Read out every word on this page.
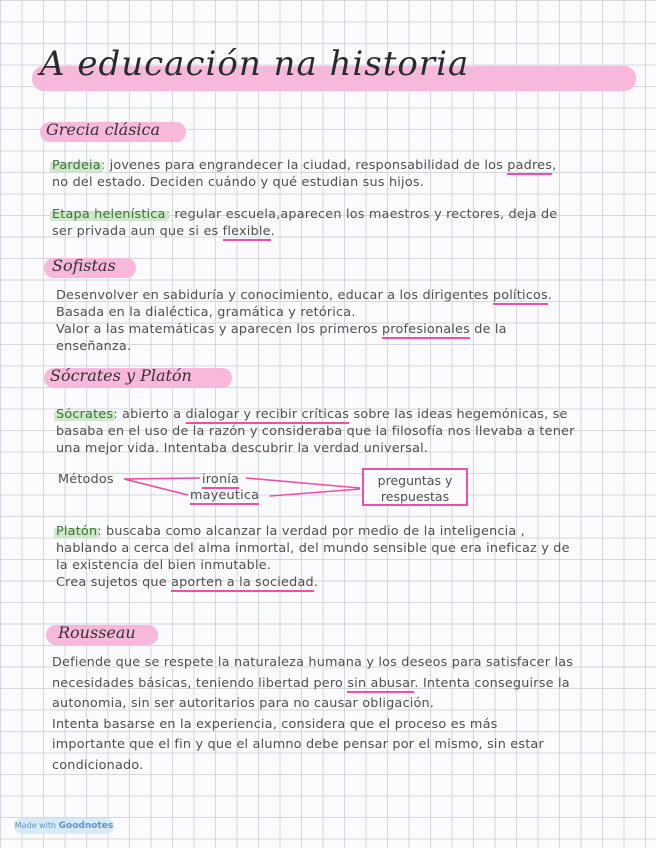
A educación na historia
Grecia clásica
Pardeia: jovenes para engrandecer la ciudad, responsabilidad de los padres,
no del estado. Deciden cuándo y qué estudian sus hijos.
Etapa helenística: regular escuela,aparecen los maestros y rectores, deja de
ser privada aun que si es flexible.
Sofistas
Desenvolver en sabiduría y conocimiento, educar a los dirigentes políticos.
Basada en la dialéctica, gramática y retórica.
Valor a las matemáticas y aparecen los primeros profesionales de la
enseñanza.
Sócrates y Platón
Sócrates: abierto a dialogar y recibir críticas sobre las ideas hegemónicas, se
basaba en el uso de la razón y consideraba que la filosofía nos llevaba a tener
una mejor vida. Intentaba descubrir la verdad universal.
Métodos	ironía
mayeutica
preguntas y respuestas
Platón: buscaba como alcanzar la verdad por medio de la inteligencia ,
hablando a cerca del alma inmortal, del mundo sensible que era ineficaz y de
la existencia del bien inmutable.
Crea sujetos que aporten a la sociedad.
Rousseau
Defiende que se respete la naturaleza humana y los deseos para satisfacer las
necesidades básicas, teniendo libertad pero sin abusar. Intenta conseguirse la
autonomia, sin ser autoritarios para no causar obligación.
Intenta basarse en la experiencia, considera que el proceso es más
importante que el fin y que el alumno debe pensar por el mismo, sin estar
condicionado.
Made with Goodnotes
